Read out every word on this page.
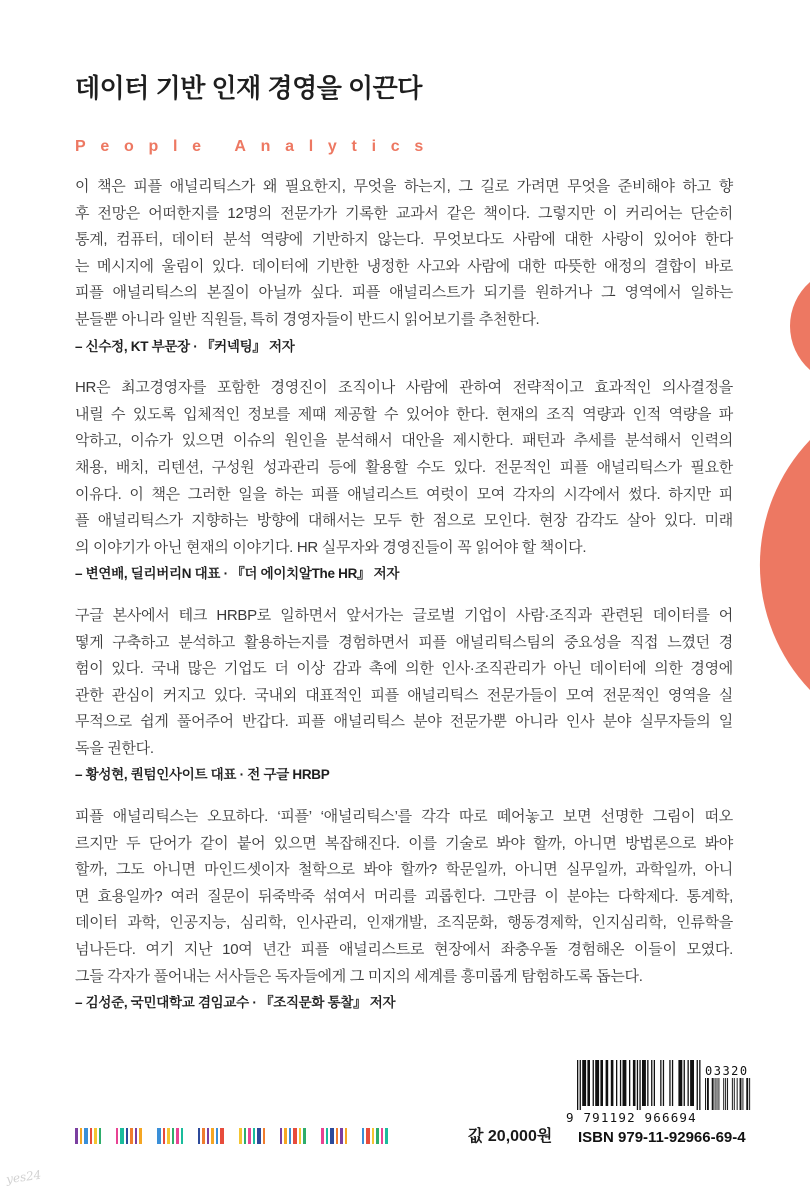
데이터 기반 인재 경영을 이끈다
People Analytics
이 책은 피플 애널리틱스가 왜 필요한지, 무엇을 하는지, 그 길로 가려면 무엇을 준비해야 하고 향
후 전망은 어떠한지를 12명의 전문가가 기록한 교과서 같은 책이다. 그렇지만 이 커리어는 단순히
통계, 컴퓨터, 데이터 분석 역량에 기반하지 않는다. 무엇보다도 사람에 대한 사랑이 있어야 한다
는 메시지에 울림이 있다. 데이터에 기반한 냉정한 사고와 사람에 대한 따뜻한 애정의 결합이 바로
피플 애널리틱스의 본질이 아닐까 싶다. 피플 애널리스트가 되기를 원하거나 그 영역에서 일하는
분들뿐 아니라 일반 직원들, 특히 경영자들이 반드시 읽어보기를 추천한다.
– 신수정, KT 부문장 · 『커넥팅』 저자
HR은 최고경영자를 포함한 경영진이 조직이나 사람에 관하여 전략적이고 효과적인 의사결정을
내릴 수 있도록 입체적인 정보를 제때 제공할 수 있어야 한다. 현재의 조직 역량과 인적 역량을 파
악하고, 이슈가 있으면 이슈의 원인을 분석해서 대안을 제시한다. 패턴과 추세를 분석해서 인력의
채용, 배치, 리텐션, 구성원 성과관리 등에 활용할 수도 있다. 전문적인 피플 애널리틱스가 필요한
이유다. 이 책은 그러한 일을 하는 피플 애널리스트 여럿이 모여 각자의 시각에서 썼다. 하지만 피
플 애널리틱스가 지향하는 방향에 대해서는 모두 한 점으로 모인다. 현장 감각도 살아 있다. 미래
의 이야기가 아닌 현재의 이야기다. HR 실무자와 경영진들이 꼭 읽어야 할 책이다.
– 변연배, 딜리버리N 대표 · 『더 에이치알The HR』 저자
구글 본사에서 테크 HRBP로 일하면서 앞서가는 글로벌 기업이 사람·조직과 관련된 데이터를 어
떻게 구축하고 분석하고 활용하는지를 경험하면서 피플 애널리틱스팀의 중요성을 직접 느꼈던 경
험이 있다. 국내 많은 기업도 더 이상 감과 촉에 의한 인사·조직관리가 아닌 데이터에 의한 경영에
관한 관심이 커지고 있다. 국내외 대표적인 피플 애널리틱스 전문가들이 모여 전문적인 영역을 실
무적으로 쉽게 풀어주어 반갑다. 피플 애널리틱스 분야 전문가뿐 아니라 인사 분야 실무자들의 일
독을 권한다.
– 황성현, 퀀텀인사이트 대표 · 전 구글 HRBP
피플 애널리틱스는 오묘하다. ‘피플’ ‘애널리틱스’를 각각 따로 떼어놓고 보면 선명한 그림이 떠오
르지만 두 단어가 같이 붙어 있으면 복잡해진다. 이를 기술로 봐야 할까, 아니면 방법론으로 봐야
할까, 그도 아니면 마인드셋이자 철학으로 봐야 할까? 학문일까, 아니면 실무일까, 과학일까, 아니
면 효용일까? 여러 질문이 뒤죽박죽 섞여서 머리를 괴롭힌다. 그만큼 이 분야는 다학제다. 통계학,
데이터 과학, 인공지능, 심리학, 인사관리, 인재개발, 조직문화, 행동경제학, 인지심리학, 인류학을
넘나든다. 여기 지난 10여 년간 피플 애널리스트로 현장에서 좌충우돌 경험해온 이들이 모였다.
그들 각자가 풀어내는 서사들은 독자들에게 그 미지의 세계를 흥미롭게 탐험하도록 돕는다.
– 김성준, 국민대학교 겸임교수 · 『조직문화 통찰』 저자
값 20,000원
03320
9 791192 966694
ISBN 979-11-92966-69-4
yes24
